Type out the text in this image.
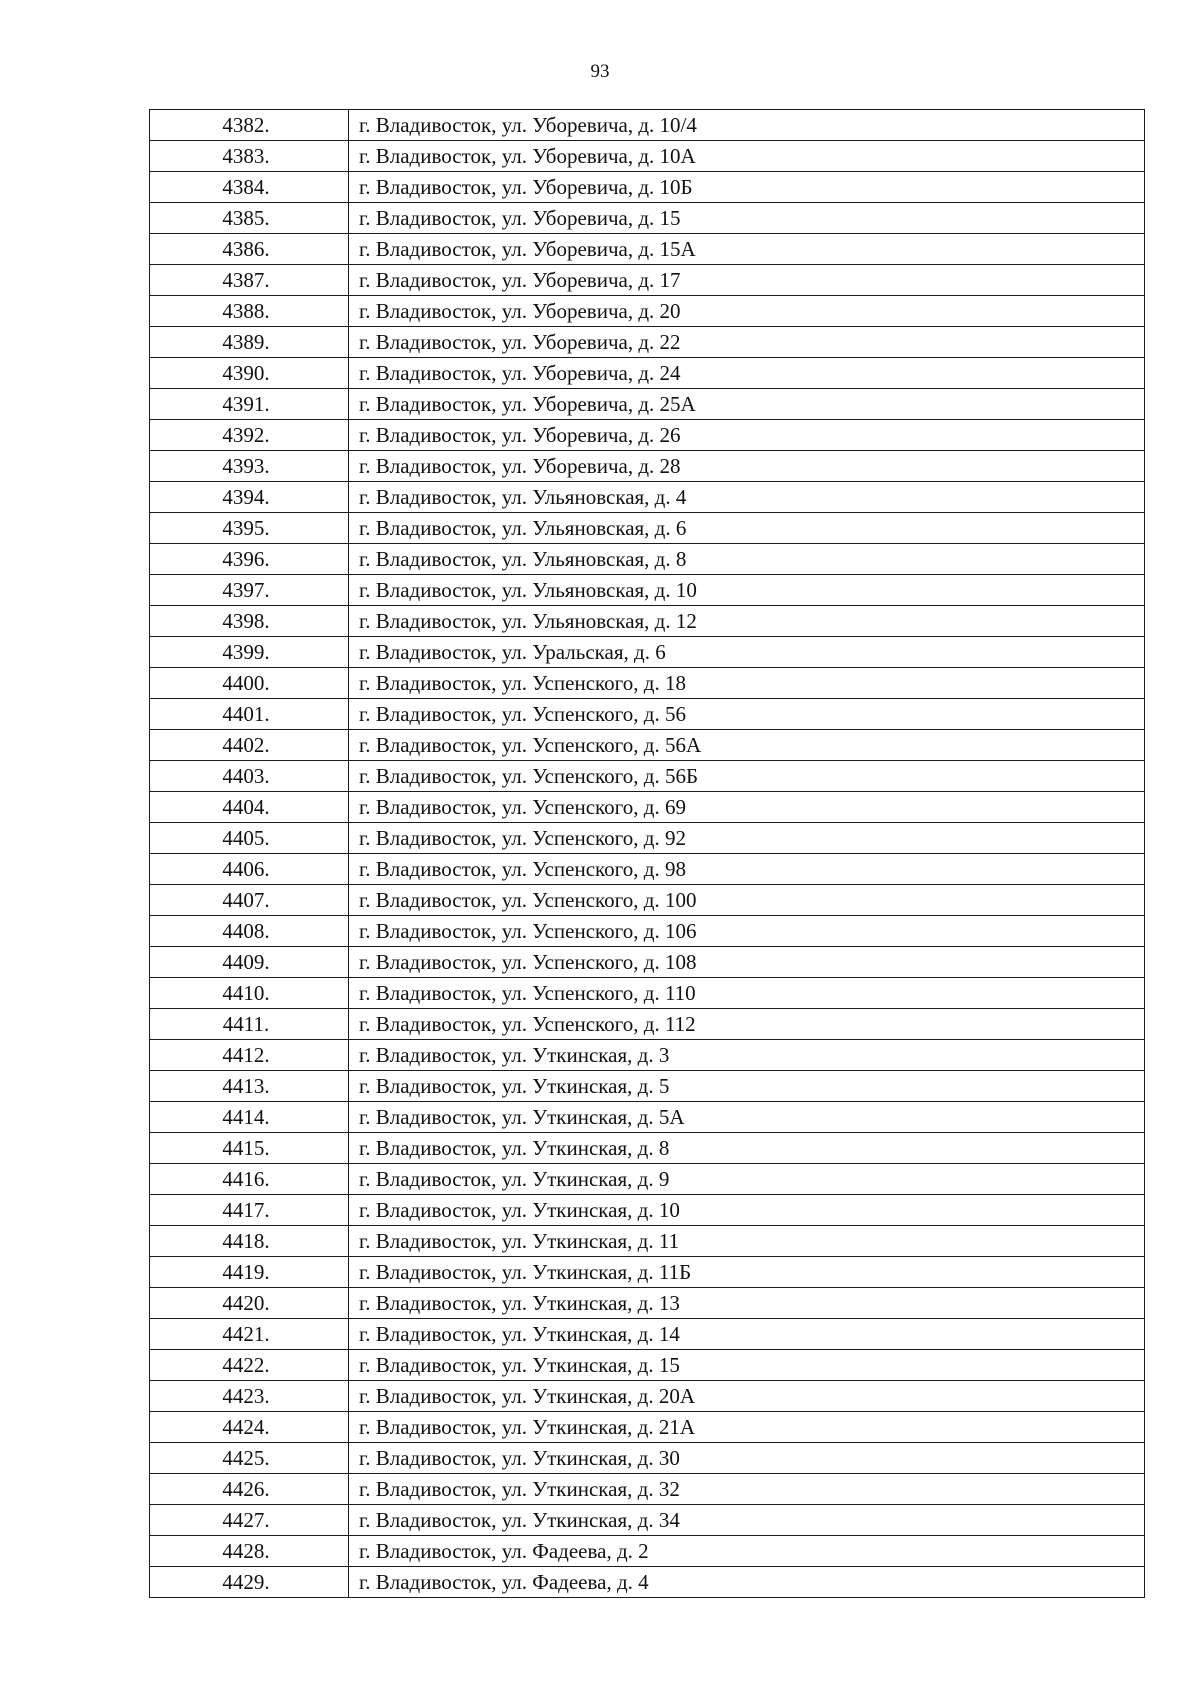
93
4382.	г. Владивосток, ул. Уборевича, д. 10/4
4383.	г. Владивосток, ул. Уборевича, д. 10А
4384.	г. Владивосток, ул. Уборевича, д. 10Б
4385.	г. Владивосток, ул. Уборевича, д. 15
4386.	г. Владивосток, ул. Уборевича, д. 15А
4387.	г. Владивосток, ул. Уборевича, д. 17
4388.	г. Владивосток, ул. Уборевича, д. 20
4389.	г. Владивосток, ул. Уборевича, д. 22
4390.	г. Владивосток, ул. Уборевича, д. 24
4391.	г. Владивосток, ул. Уборевича, д. 25А
4392.	г. Владивосток, ул. Уборевича, д. 26
4393.	г. Владивосток, ул. Уборевича, д. 28
4394.	г. Владивосток, ул. Ульяновская, д. 4
4395.	г. Владивосток, ул. Ульяновская, д. 6
4396.	г. Владивосток, ул. Ульяновская, д. 8
4397.	г. Владивосток, ул. Ульяновская, д. 10
4398.	г. Владивосток, ул. Ульяновская, д. 12
4399.	г. Владивосток, ул. Уральская, д. 6
4400.	г. Владивосток, ул. Успенского, д. 18
4401.	г. Владивосток, ул. Успенского, д. 56
4402.	г. Владивосток, ул. Успенского, д. 56А
4403.	г. Владивосток, ул. Успенского, д. 56Б
4404.	г. Владивосток, ул. Успенского, д. 69
4405.	г. Владивосток, ул. Успенского, д. 92
4406.	г. Владивосток, ул. Успенского, д. 98
4407.	г. Владивосток, ул. Успенского, д. 100
4408.	г. Владивосток, ул. Успенского, д. 106
4409.	г. Владивосток, ул. Успенского, д. 108
4410.	г. Владивосток, ул. Успенского, д. 110
4411.	г. Владивосток, ул. Успенского, д. 112
4412.	г. Владивосток, ул. Уткинская, д. 3
4413.	г. Владивосток, ул. Уткинская, д. 5
4414.	г. Владивосток, ул. Уткинская, д. 5А
4415.	г. Владивосток, ул. Уткинская, д. 8
4416.	г. Владивосток, ул. Уткинская, д. 9
4417.	г. Владивосток, ул. Уткинская, д. 10
4418.	г. Владивосток, ул. Уткинская, д. 11
4419.	г. Владивосток, ул. Уткинская, д. 11Б
4420.	г. Владивосток, ул. Уткинская, д. 13
4421.	г. Владивосток, ул. Уткинская, д. 14
4422.	г. Владивосток, ул. Уткинская, д. 15
4423.	г. Владивосток, ул. Уткинская, д. 20А
4424.	г. Владивосток, ул. Уткинская, д. 21А
4425.	г. Владивосток, ул. Уткинская, д. 30
4426.	г. Владивосток, ул. Уткинская, д. 32
4427.	г. Владивосток, ул. Уткинская, д. 34
4428.	г. Владивосток, ул. Фадеева, д. 2
4429.	г. Владивосток, ул. Фадеева, д. 4
